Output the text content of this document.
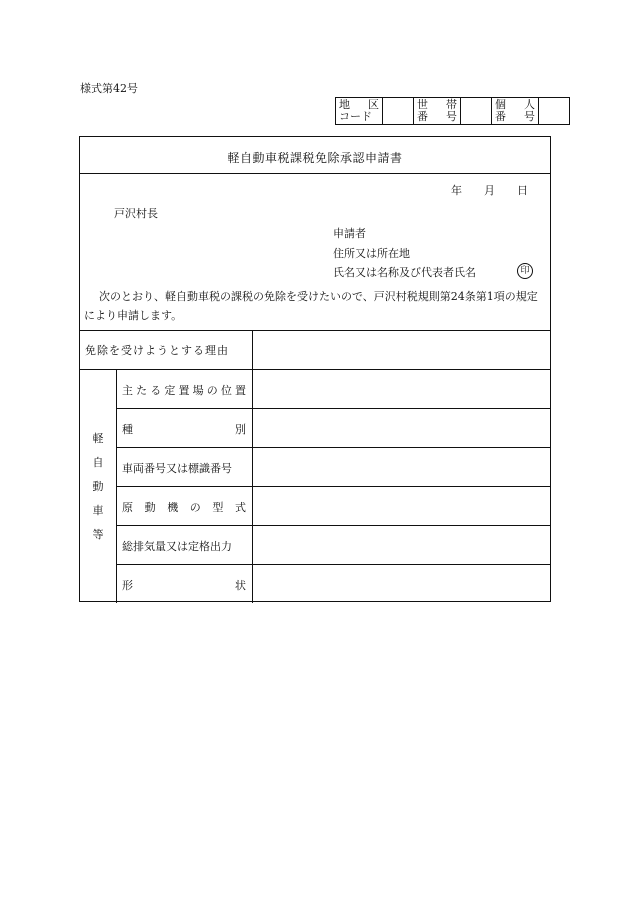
様式第42号
地 区
コード

世 帯
番 号

個 人
番 号

軽自動車税課税免除承認申請書
年 月 日
戸沢村長
申請者
住所又は所在地
氏名又は名称及び代表者氏名	印
次のとおり、軽自動車税の課税の免除を受けたいので、戸沢村税規則第24条第1項の規定により申請します。
免除を受けようとする理由
軽
自
動
車
等
主 た る 定 置 場 の 位 置
種	別
車両番号又は標識番号
原 動 機 の 型 式
総排気量又は定格出力
形	状
